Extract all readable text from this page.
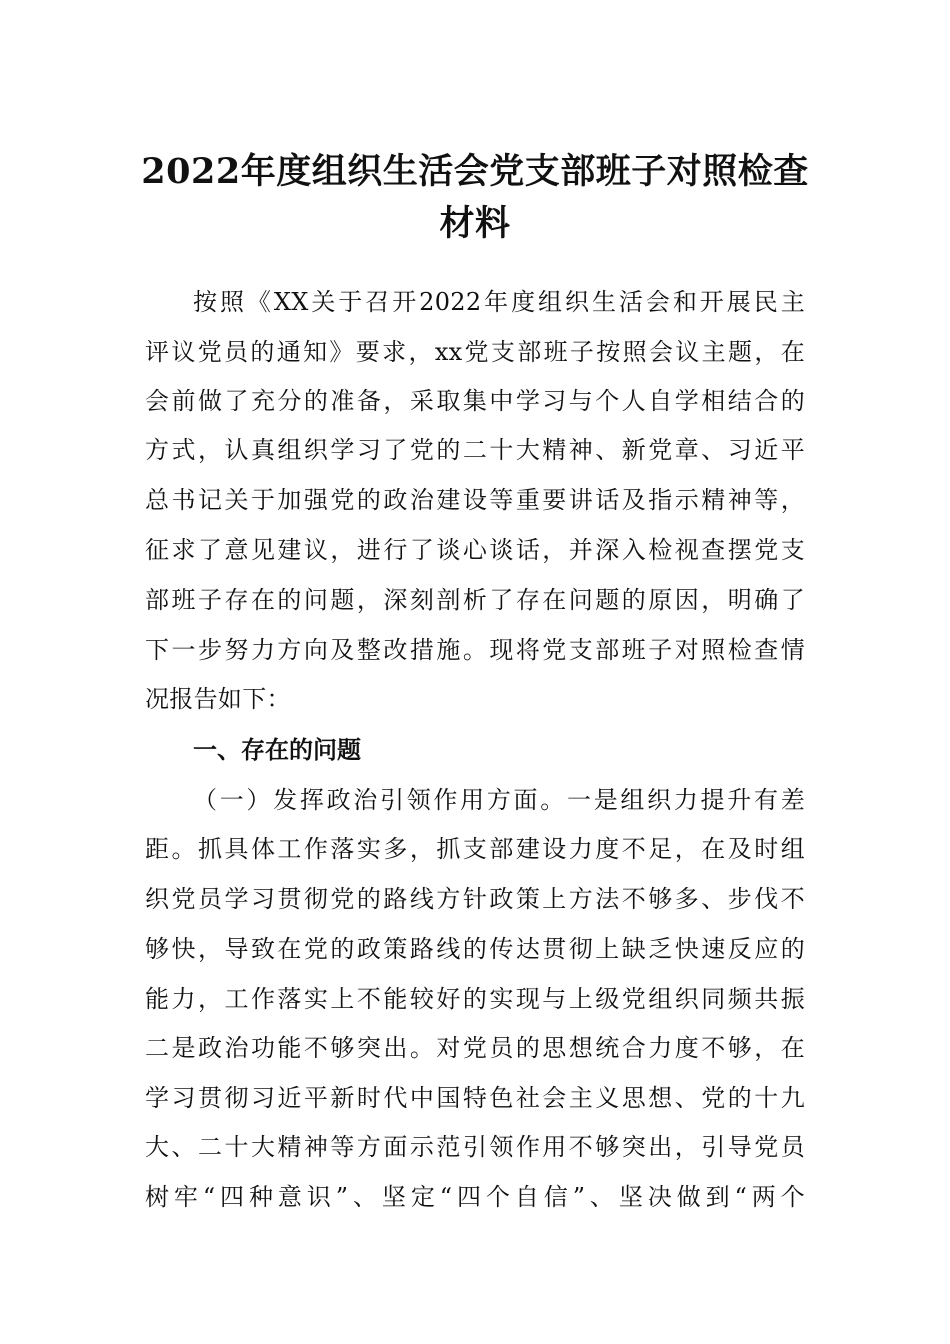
2022年度组织生活会党支部班子对照检查
材料
按照《XX关于召开2022年度组织生活会和开展民主
评议党员的通知》要求，xx党支部班子按照会议主题，在
会前做了充分的准备，采取集中学习与个人自学相结合的
方式，认真组织学习了党的二十大精神、新党章、习近平
总书记关于加强党的政治建设等重要讲话及指示精神等，
征求了意见建议，进行了谈心谈话，并深入检视查摆党支
部班子存在的问题，深刻剖析了存在问题的原因，明确了
下一步努力方向及整改措施。现将党支部班子对照检查情
况报告如下：
一、存在的问题
（一）发挥政治引领作用方面。一是组织力提升有差
距。抓具体工作落实多，抓支部建设力度不足，在及时组
织党员学习贯彻党的路线方针政策上方法不够多、步伐不
够快，导致在党的政策路线的传达贯彻上缺乏快速反应的
能力，工作落实上不能较好的实现与上级党组织同频共振
二是政治功能不够突出。对党员的思想统合力度不够，在
学习贯彻习近平新时代中国特色社会主义思想、党的十九
大、二十大精神等方面示范引领作用不够突出，引导党员
树牢“四种意识”、坚定“四个自信”、坚决做到“两个
